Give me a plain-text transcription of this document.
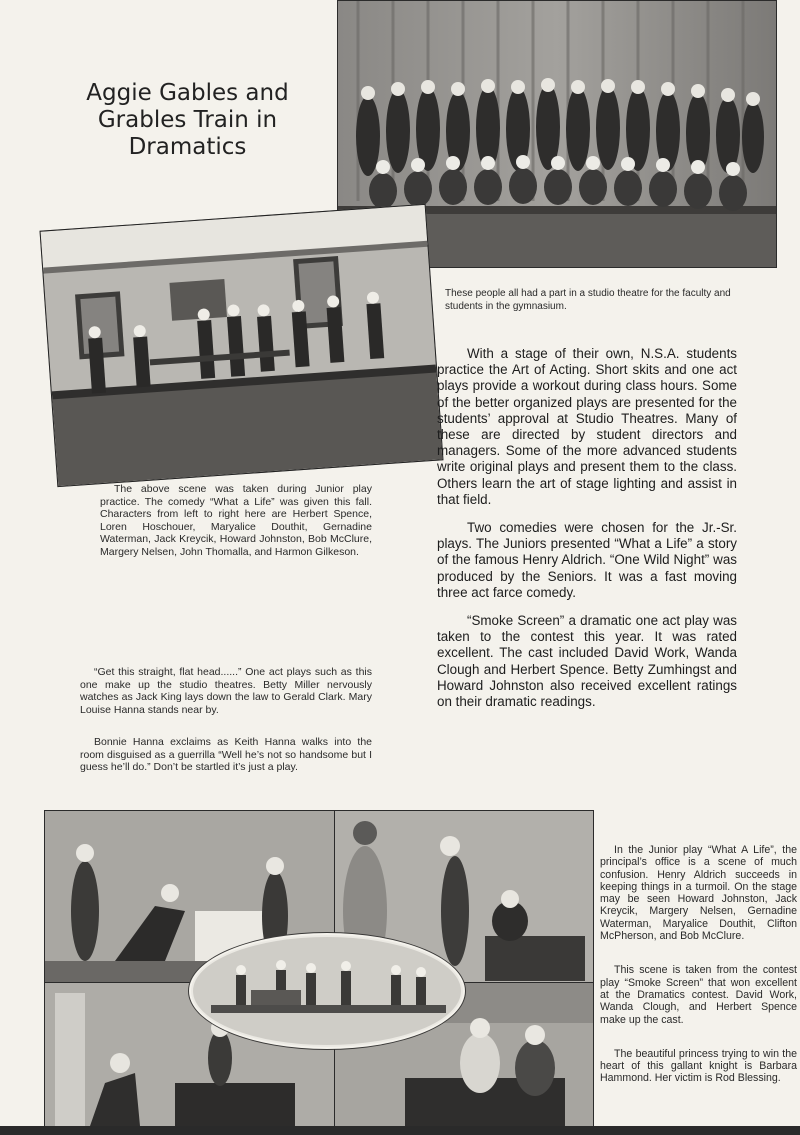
Aggie Gables and
Grables Train in
Dramatics
These people all had a part in a studio theatre for the faculty and students in the gymnasium.

The above scene was taken during Junior play practice. The comedy “What a Life” was given this fall. Characters from left to right here are Herbert Spence, Loren Hoschouer, Maryalice Douthit, Gernadine Waterman, Jack Kreycik, Howard Johnston, Bob McClure, Margery Nelsen, John Thomalla, and Harmon Gilkeson.

“Get this straight, flat head......” One act plays such as this one make up the studio theatres. Betty Miller nervously watches as Jack King lays down the law to Gerald Clark. Mary Louise Hanna stands near by.

Bonnie Hanna exclaims as Keith Hanna walks into the room disguised as a guerrilla “Well he’s not so handsome but I guess he’ll do.” Don’t be startled it’s just a play.

With a stage of their own, N.S.A. students practice the Art of Acting. Short skits and one act plays provide a workout during class hours. Some of the better organized plays are presented for the students’ approval at Studio Theatres. Many of these are directed by student directors and managers. Some of the more advanced students write original plays and present them to the class. Others learn the art of stage lighting and assist in that field.

Two comedies were chosen for the Jr.-Sr. plays. The Juniors presented “What a Life” a story of the famous Henry Aldrich. “One Wild Night” was produced by the Seniors. It was a fast moving three act farce comedy.

“Smoke Screen” a dramatic one act play was taken to the contest this year. It was rated excellent. The cast included David Work, Wanda Clough and Herbert Spence. Betty Zumhingst and Howard Johnston also received excellent ratings on their dramatic readings.

In the Junior play “What A Life”, the principal’s office is a scene of much confusion. Henry Aldrich succeeds in keeping things in a turmoil. On the stage may be seen Howard Johnston, Jack Kreycik, Margery Nelsen, Gernadine Waterman, Maryalice Douthit, Clifton McPherson, and Bob McClure.

This scene is taken from the contest play “Smoke Screen” that won excellent at the Dramatics contest. David Work, Wanda Clough, and Herbert Spence make up the cast.

The beautiful princess trying to win the heart of this gallant knight is Barbara Hammond. Her victim is Rod Blessing.
